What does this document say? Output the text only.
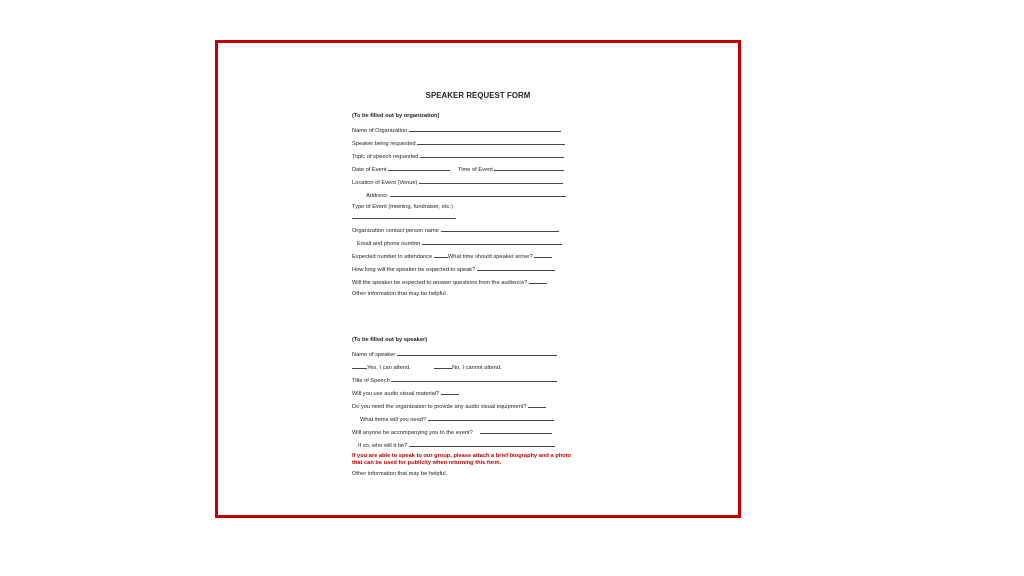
SPEAKER REQUEST FORM
(To be filled out by organization)
Name of Organization
Speaker being requested
Topic of speech requested
Date of Event	Time of Event
Location of Event (Venue)
Address:
Type of Event (meeting, fundraiser, etc.)
Organization contact person name
Email and phone number
Expected number in attendance	What time should speaker arrive?
How long will the speaker be expected to speak?
Will the speaker be expected to answer questions from the audience?
Other information that may be helpful.
(To be filled out by speaker)
Name of speaker
Yes, I can attend.	No, I cannot attend.
Title of Speech
Will you use audio visual material?
Do you need the organization to provide any audio visual equipment?
What items will you need?
Will anyone be accompanying you to the event?
If so, who will it be?
If you are able to speak to our group, please attach a brief biography and a photo that can be used for publicity when returning this form.
Other information that may be helpful.
